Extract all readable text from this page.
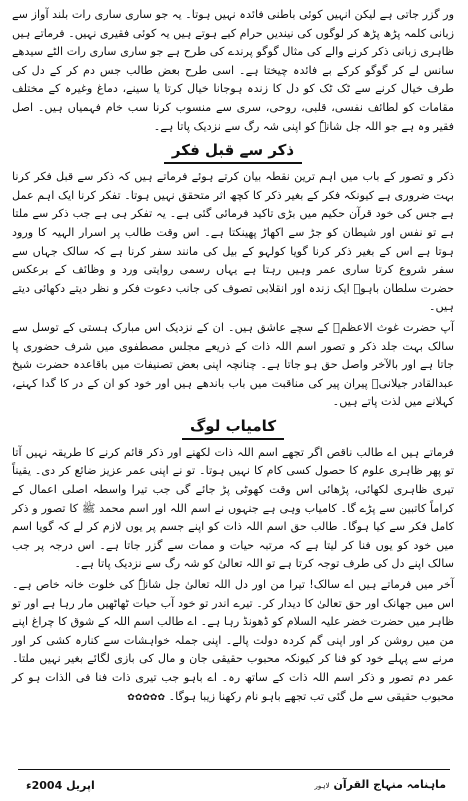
ور گزر جاتی ہے لیکن انہیں کوئی باطنی فائدہ نہیں ہوتا۔ یہ جو ساری ساری رات بلند آواز سے زبانی کلمہ پڑھ پڑھ کر لوگوں کی نیندیں حرام کیے ہوتے ہیں یہ کوئی فقیری نہیں۔ فرماتے ہیں ظاہری زبانی ذکر کرنے والے کی مثال گوگو پرندے کی طرح ہے جو ساری ساری رات الٹے سیدھے سانس لے کر گوگو کرکے بے فائدہ چیختا ہے۔ اسی طرح بعض طالب جس دم کر کے دل کی طرف خیال کرنے سے ٹک ٹک کو دل کا زندہ ہوجانا خیال کرتا یا سینے، دماغ وغیرہ کے مختلف مقامات کو لطائف نفسی، قلبی، روحی، سری سے منسوب کرنا سب خام فہمیاں ہیں۔ اصل فقیر وہ ہے جو اللہ جل شانہٗ کو اپنی شہ رگ سے نزدیک پاتا ہے۔

ذکر سے قبل فکر

ذکر و تصور کے باب میں اہم ترین نقطہ بیان کرتے ہوئے فرماتے ہیں کہ ذکر سے قبل فکر کرنا بہت ضروری ہے کیونکہ فکر کے بغیر ذکر کا کچھ اثر متحقق نہیں ہوتا۔ تفکر کرنا ایک اہم عمل ہے جس کی خود قرآن حکیم میں بڑی تاکید فرمائی گئی ہے۔ یہ تفکر ہی ہے جب ذکر سے ملتا ہے تو نفس اور شیطان کو جڑ سے اکھاڑ پھینکتا ہے۔ اس وقت طالب پر اسرار الہیہ کا ورود ہوتا ہے اس کے بغیر ذکر کرنا گویا کولہو کے بیل کی مانند سفر کرنا ہے کہ سالک جہاں سے سفر شروع کرتا ساری عمر وہیں رہتا ہے یہاں رسمی روایتی ورد و وظائف کے برعکس حضرت سلطان باہوؒ ایک زندہ اور انقلابی تصوف کی جانب دعوت فکر و نظر دیتے دکھائی دیتے ہیں۔

آپ حضرت غوث الاعظمؓ کے سچے عاشق ہیں۔ ان کے نزدیک اس مبارک ہستی کے توسل سے سالک بہت جلد ذکر و تصور اسم اللہ ذات کے ذریعے مجلس مصطفوی میں شرف حضوری پا جاتا ہے اور بالآخر واصل حق ہو جاتا ہے۔ چنانچہ اپنی بعض تصنیفات میں باقاعدہ حضرت شیخ عبدالقادر جیلانیؒ پیران پیر کی مناقبت میں باب باندھے ہیں اور خود کو ان کے در کا گدا کہنے، کہلانے میں لذت پاتے ہیں۔

کامیاب لوگ

فرماتے ہیں اے طالب ناقص اگر تجھے اسم اللہ ذات لکھنے اور ذکر قائم کرنے کا طریقہ نہیں آتا تو پھر ظاہری علوم کا حصول کسی کام کا نہیں ہوتا۔ تو نے اپنی عمر عزیز ضائع کر دی۔ یقیناً تیری ظاہری لکھائی، پڑھائی اس وقت کھوٹی پڑ جائے گی جب تیرا واسطہ اصلی اعمال کے کراماً کاتبین سے پڑے گا۔ کامیاب وہی ہے جنہوں نے اسم اللہ اور اسم محمد ﷺ کا تصور و ذکر کامل فکر سے کیا ہوگا۔ طالب حق اسم اللہ ذات کو اپنے جسم پر یوں لازم کر لے کہ گویا اسم میں خود کو یوں فنا کر لیتا ہے کہ مرتبہ حیات و ممات سے گزر جاتا ہے۔ اس درجہ پر جب سالک اپنے دل کی طرف توجہ کرتا ہے تو اللہ تعالیٰ کو شہ رگ سے نزدیک پاتا ہے۔

آخر میں فرماتے ہیں اے سالک! تیرا من اور دل اللہ تعالیٰ جل شانہٗ کی خلوت خانہ خاص ہے۔ اس میں جھانک اور حق تعالیٰ کا دیدار کر۔ تیرے اندر تو خود آب حیات ٹھاٹھیں مار رہا ہے اور تو ظاہر میں حضرت خضر علیہ السلام کو ڈھونڈ رہا ہے۔ اے طالب اسم اللہ کے شوق کا چراغ اپنے من میں روشن کر اور اپنی گم کردہ دولت پالے۔ اپنی جملہ خواہشات سے کنارہ کشی کر اور مرنے سے پہلے خود کو فنا کر کیونکہ محبوب حقیقی جان و مال کی بازی لگائے بغیر نہیں ملتا۔ عمر دم تصور و ذکر اسم اللہ ذات کے ساتھ رہ۔ اے باہو جب تیری ذات فنا فی الذات ہو کر محبوب حقیقی سے مل گئی تب تجھے باہو نام رکھنا زیبا ہوگا۔ ✿✿✿✿✿

اپریل 2004ء	ماہنامہ منہاج القرآن لاہور
